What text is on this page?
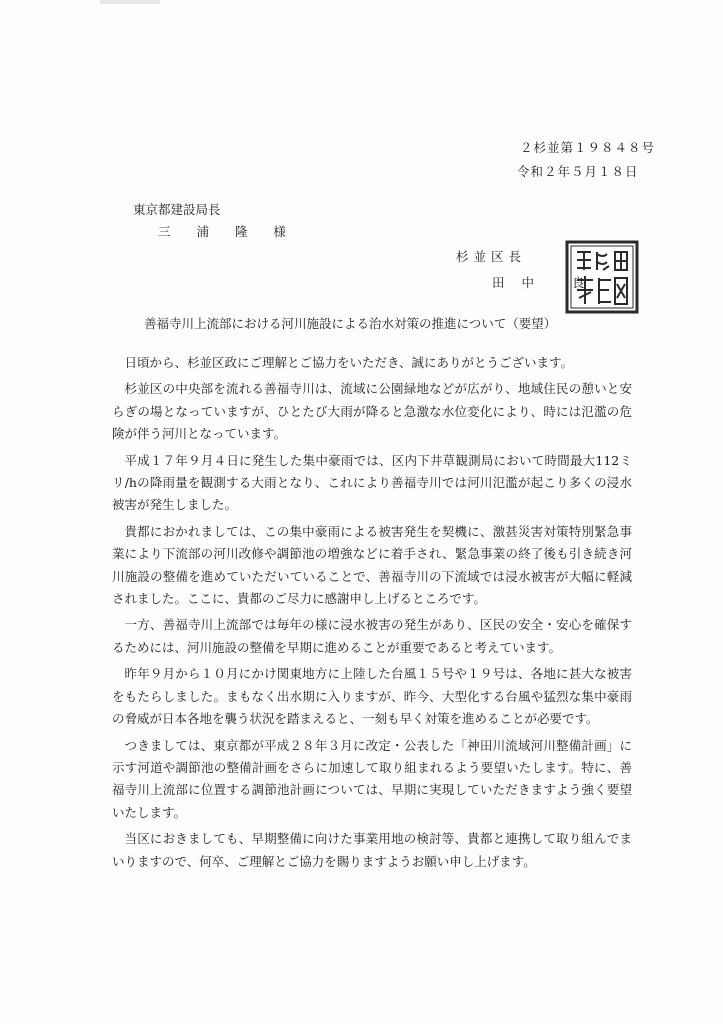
２杉並第１９８４８号
令和２年５月１８日
東京都建設局長
三 浦 隆 様
杉並区長
田中 良
善福寺川上流部における河川施設による治水対策の推進について（要望）

日頃から、杉並区政にご理解とご協力をいただき、誠にありがとうございます。

杉並区の中央部を流れる善福寺川は、流域に公園緑地などが広がり、地域住民の憩いと安らぎの場となっていますが、ひとたび大雨が降ると急激な水位変化により、時には氾濫の危険が伴う河川となっています。

平成１７年９月４日に発生した集中豪雨では、区内下井草観測局において時間最大112ミリ/hの降雨量を観測する大雨となり、これにより善福寺川では河川氾濫が起こり多くの浸水被害が発生しました。

貴都におかれましては、この集中豪雨による被害発生を契機に、激甚災害対策特別緊急事業により下流部の河川改修や調節池の増強などに着手され、緊急事業の終了後も引き続き河川施設の整備を進めていただいていることで、善福寺川の下流域では浸水被害が大幅に軽減されました。ここに、貴都のご尽力に感謝申し上げるところです。

一方、善福寺川上流部では毎年の様に浸水被害の発生があり、区民の安全・安心を確保するためには、河川施設の整備を早期に進めることが重要であると考えています。

昨年９月から１０月にかけ関東地方に上陸した台風１５号や１９号は、各地に甚大な被害をもたらしました。まもなく出水期に入りますが、昨今、大型化する台風や猛烈な集中豪雨の脅威が日本各地を襲う状況を踏まえると、一刻も早く対策を進めることが必要です。

つきましては、東京都が平成２８年３月に改定・公表した「神田川流域河川整備計画」に示す河道や調節池の整備計画をさらに加速して取り組まれるよう要望いたします。特に、善福寺川上流部に位置する調節池計画については、早期に実現していただきますよう強く要望いたします。

当区におきましても、早期整備に向けた事業用地の検討等、貴都と連携して取り組んでまいりますので、何卒、ご理解とご協力を賜りますようお願い申し上げます。
